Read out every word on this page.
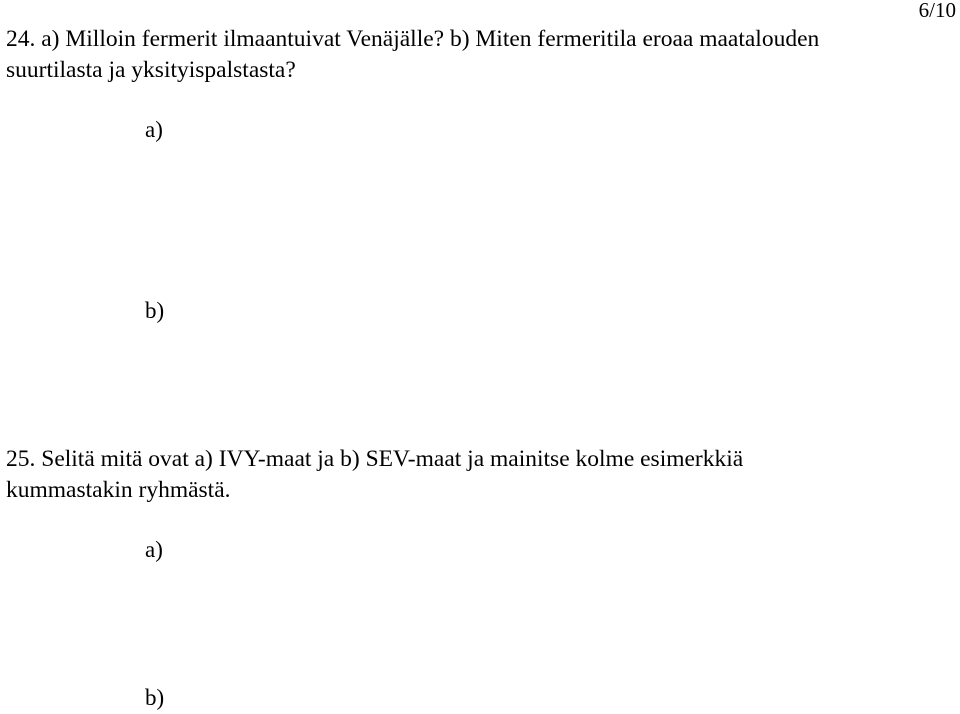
6/10
24. a) Milloin fermerit ilmaantuivat Venäjälle? b) Miten fermeritila eroaa maatalouden
suurtilasta ja yksityispalstasta?
a)
b)
25. Selitä mitä ovat a) IVY-maat ja b) SEV-maat ja mainitse kolme esimerkkiä
kummastakin ryhmästä.
a)
b)
